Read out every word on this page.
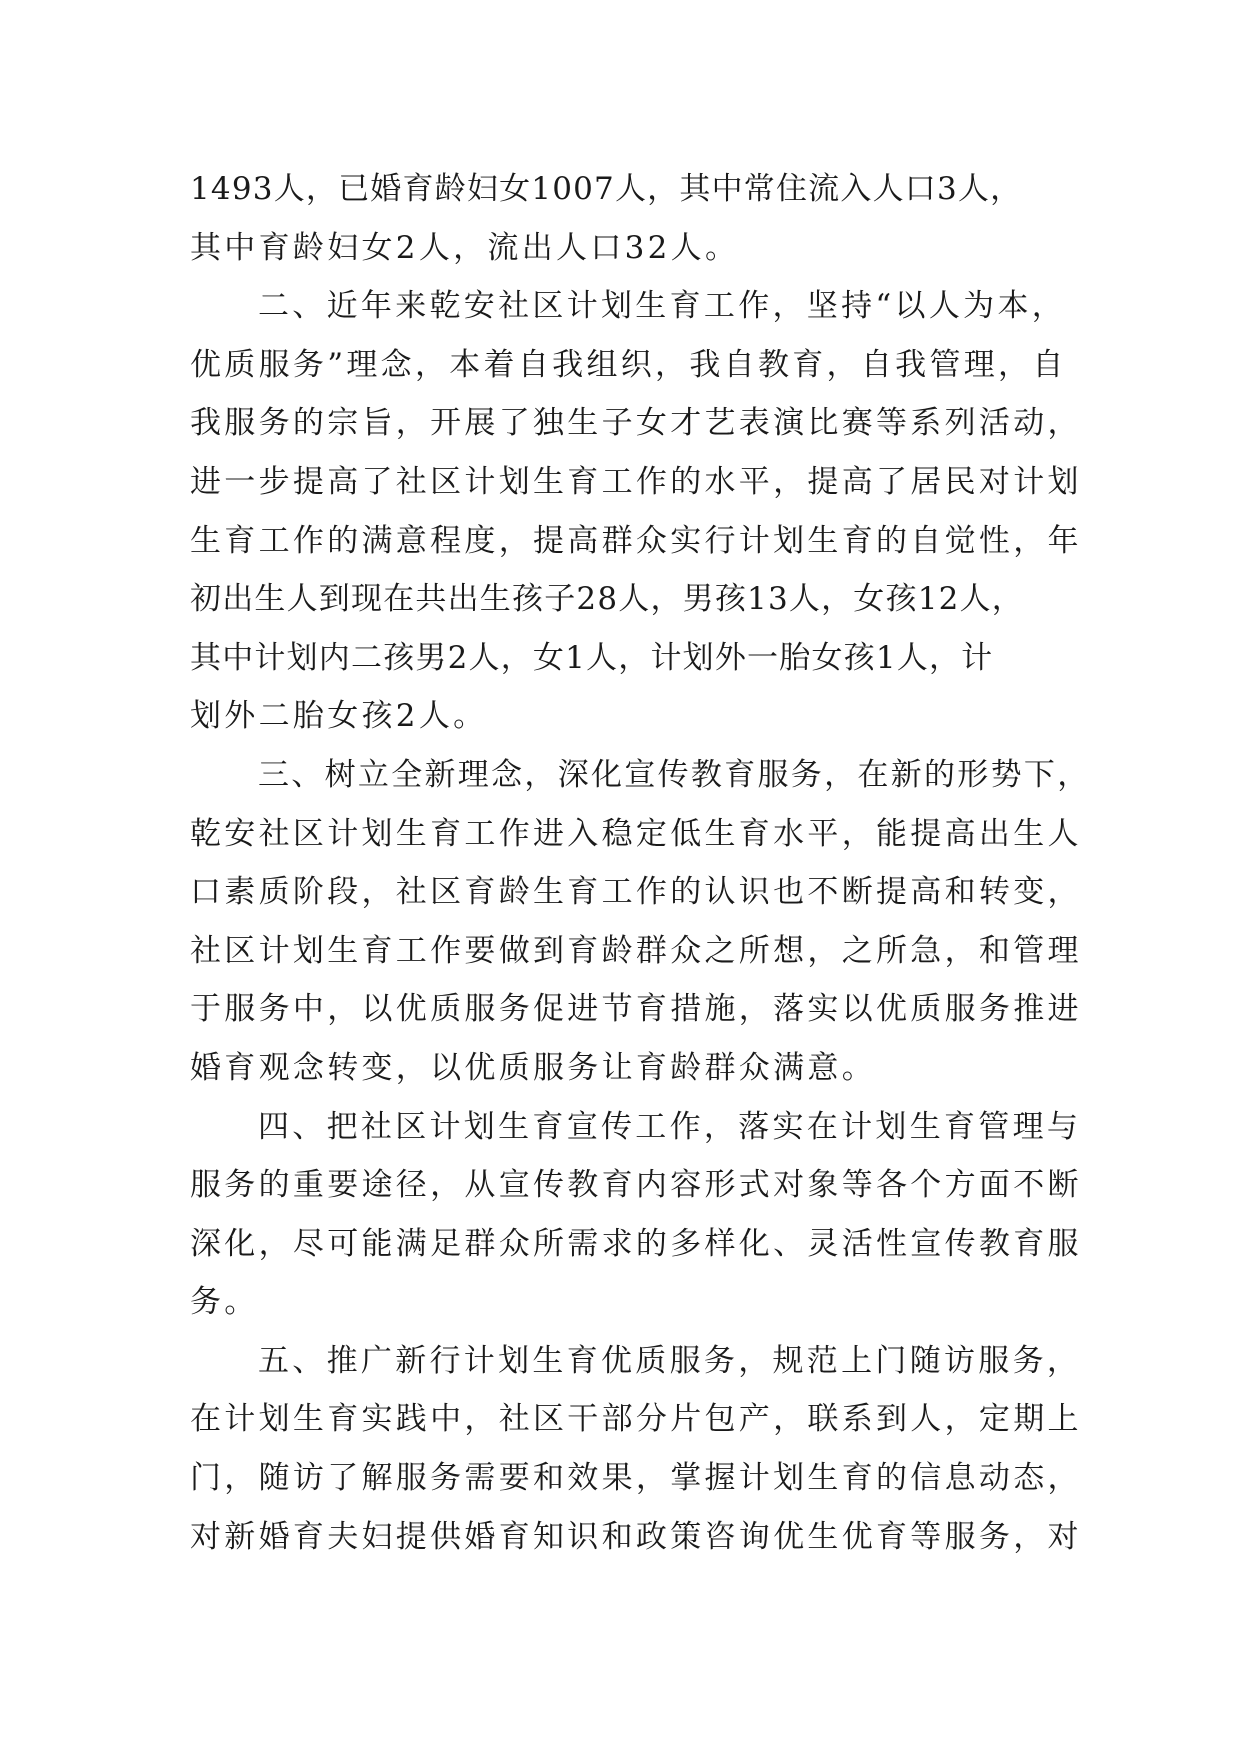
1493人，已婚育龄妇女1007人，其中常住流入人口3人，
其中育龄妇女2人，流出人口32人。
二、近年来乾安社区计划生育工作，坚持“以人为本，
优质服务”理念，本着自我组织，我自教育，自我管理，自
我服务的宗旨，开展了独生子女才艺表演比赛等系列活动，
进一步提高了社区计划生育工作的水平，提高了居民对计划
生育工作的满意程度，提高群众实行计划生育的自觉性，年
初出生人到现在共出生孩子28人，男孩13人，女孩12人，
其中计划内二孩男2人，女1人，计划外一胎女孩1人，计
划外二胎女孩2人。
三、树立全新理念，深化宣传教育服务，在新的形势下，
乾安社区计划生育工作进入稳定低生育水平，能提高出生人
口素质阶段，社区育龄生育工作的认识也不断提高和转变，
社区计划生育工作要做到育龄群众之所想，之所急，和管理
于服务中，以优质服务促进节育措施，落实以优质服务推进
婚育观念转变，以优质服务让育龄群众满意。
四、把社区计划生育宣传工作，落实在计划生育管理与
服务的重要途径，从宣传教育内容形式对象等各个方面不断
深化，尽可能满足群众所需求的多样化、灵活性宣传教育服
务。
五、推广新行计划生育优质服务，规范上门随访服务，
在计划生育实践中，社区干部分片包产，联系到人，定期上
门，随访了解服务需要和效果，掌握计划生育的信息动态，
对新婚育夫妇提供婚育知识和政策咨询优生优育等服务，对
